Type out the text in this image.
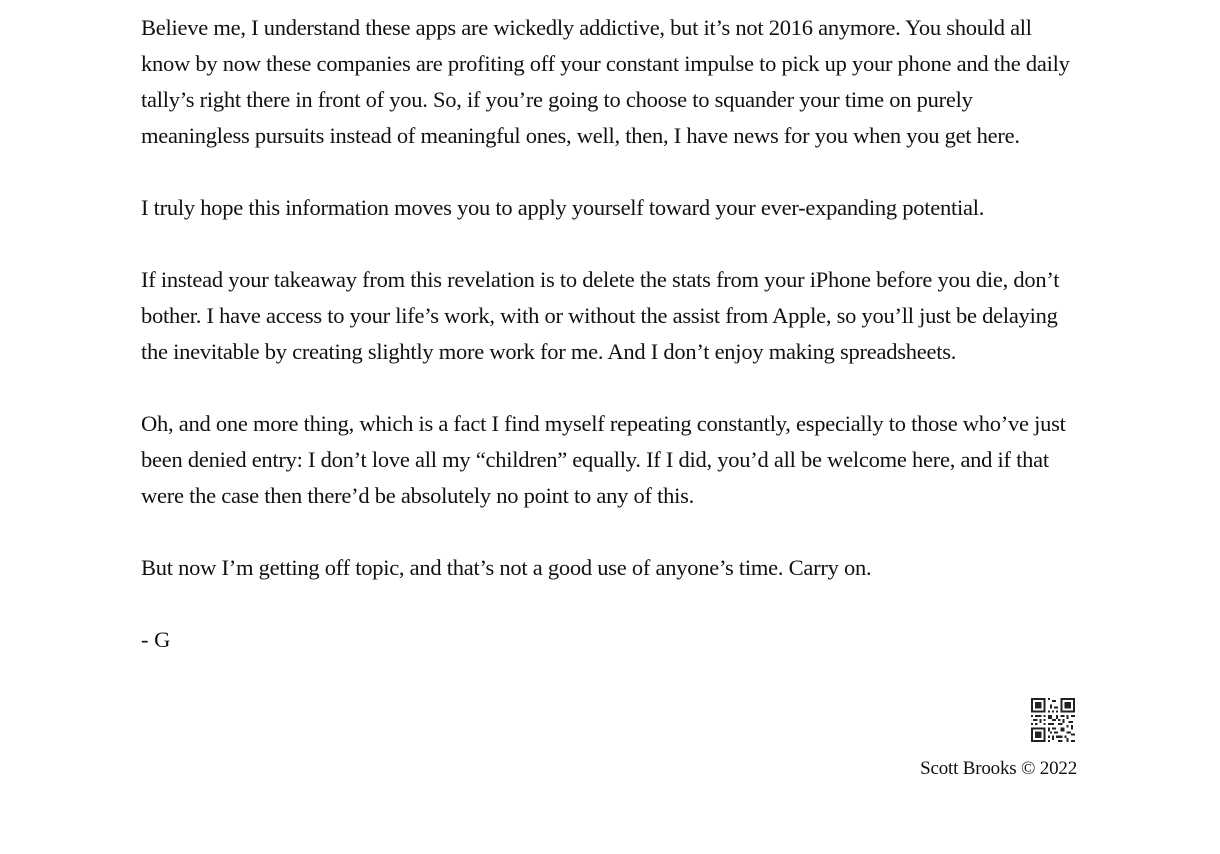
Believe me, I understand these apps are wickedly addictive, but it’s not 2016 anymore. You should all know by now these companies are profiting off your constant impulse to pick up your phone and the daily tally’s right there in front of you. So, if you’re going to choose to squander your time on purely meaningless pursuits instead of meaningful ones, well, then, I have news for you when you get here.

I truly hope this information moves you to apply yourself toward your ever-expanding potential.

If instead your takeaway from this revelation is to delete the stats from your iPhone before you die, don’t bother. I have access to your life’s work, with or without the assist from Apple, so you’ll just be delaying the inevitable by creating slightly more work for me. And I don’t enjoy making spreadsheets.

Oh, and one more thing, which is a fact I find myself repeating constantly, especially to those who’ve just been denied entry: I don’t love all my “children” equally. If I did, you’d all be welcome here, and if that were the case then there’d be absolutely no point to any of this.

But now I’m getting off topic, and that’s not a good use of anyone’s time. Carry on.

- G

Scott Brooks © 2022
